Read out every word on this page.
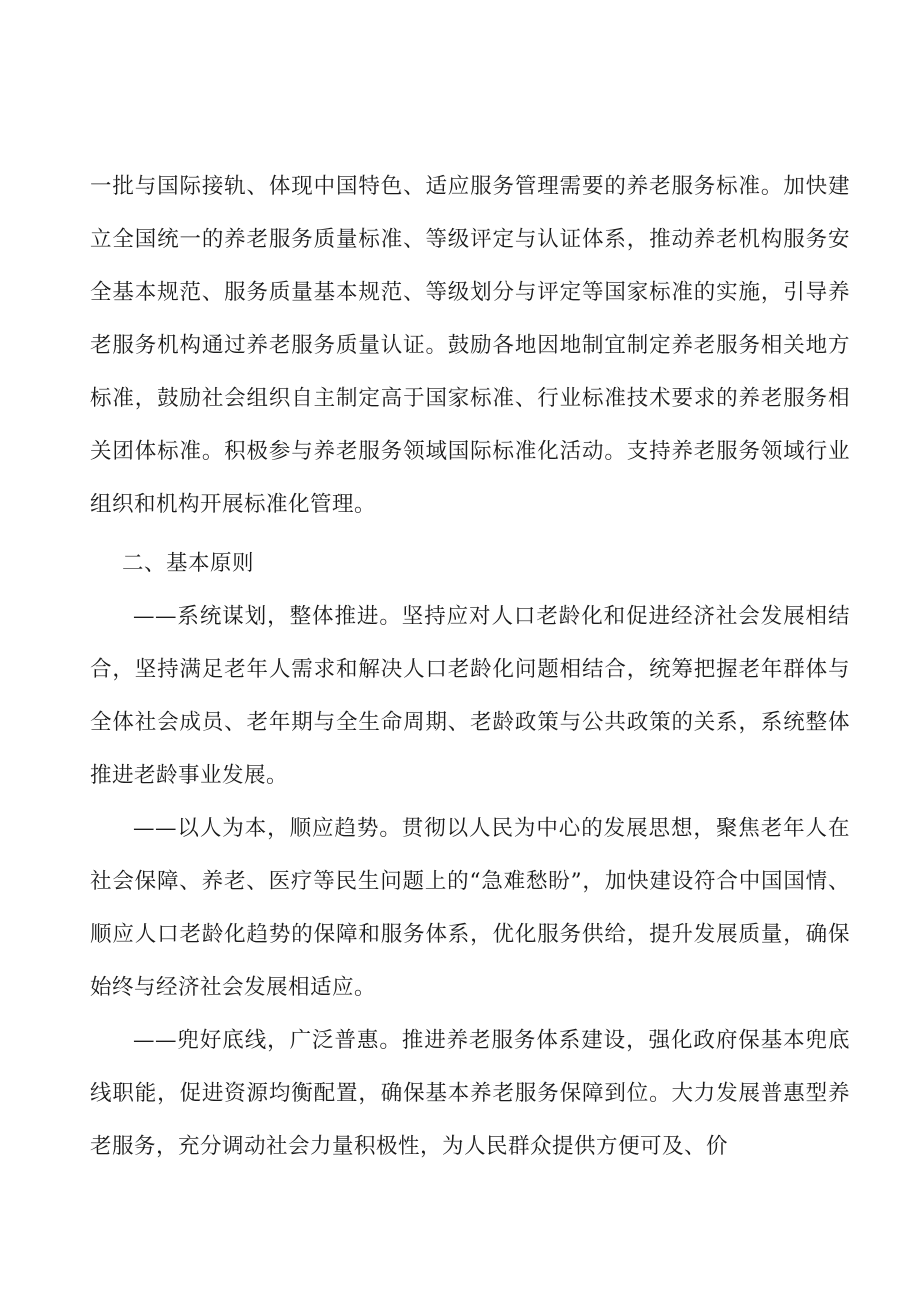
一批与国际接轨、体现中国特色、适应服务管理需要的养老服务标准。加快建立全国统一的养老服务质量标准、等级评定与认证体系，推动养老机构服务安全基本规范、服务质量基本规范、等级划分与评定等国家标准的实施，引导养老服务机构通过养老服务质量认证。鼓励各地因地制宜制定养老服务相关地方标准，鼓励社会组织自主制定高于国家标准、行业标准技术要求的养老服务相关团体标准。积极参与养老服务领域国际标准化活动。支持养老服务领域行业组织和机构开展标准化管理。

二、基本原则

——系统谋划，整体推进。坚持应对人口老龄化和促进经济社会发展相结合，坚持满足老年人需求和解决人口老龄化问题相结合，统筹把握老年群体与全体社会成员、老年期与全生命周期、老龄政策与公共政策的关系，系统整体推进老龄事业发展。

——以人为本，顺应趋势。贯彻以人民为中心的发展思想，聚焦老年人在社会保障、养老、医疗等民生问题上的“急难愁盼”，加快建设符合中国国情、顺应人口老龄化趋势的保障和服务体系，优化服务供给，提升发展质量，确保始终与经济社会发展相适应。

——兜好底线，广泛普惠。推进养老服务体系建设，强化政府保基本兜底线职能，促进资源均衡配置，确保基本养老服务保障到位。大力发展普惠型养老服务，充分调动社会力量积极性，为人民群众提供方便可及、价
